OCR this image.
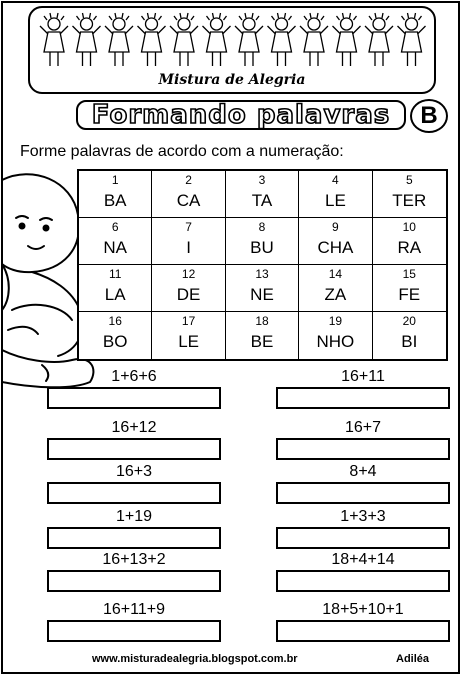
Mistura de Alegria
Formando palavras	B
Forme palavras de acordo com a numeração:
1
BA
2
CA
3
TA
4
LE
5
TER
6
NA
7
I
8
BU
9
CHA
10
RA
11
LA
12
DE
13
NE
14
ZA
15
FE
16
BO
17
LE
18
BE
19
NHO
20
BI
1+6+6
16+12
16+3
1+19
16+13+2
16+11+9
16+11
16+7
8+4
1+3+3
18+4+14
18+5+10+1
www.misturadealegria.blogspot.com.br	Adiléa
